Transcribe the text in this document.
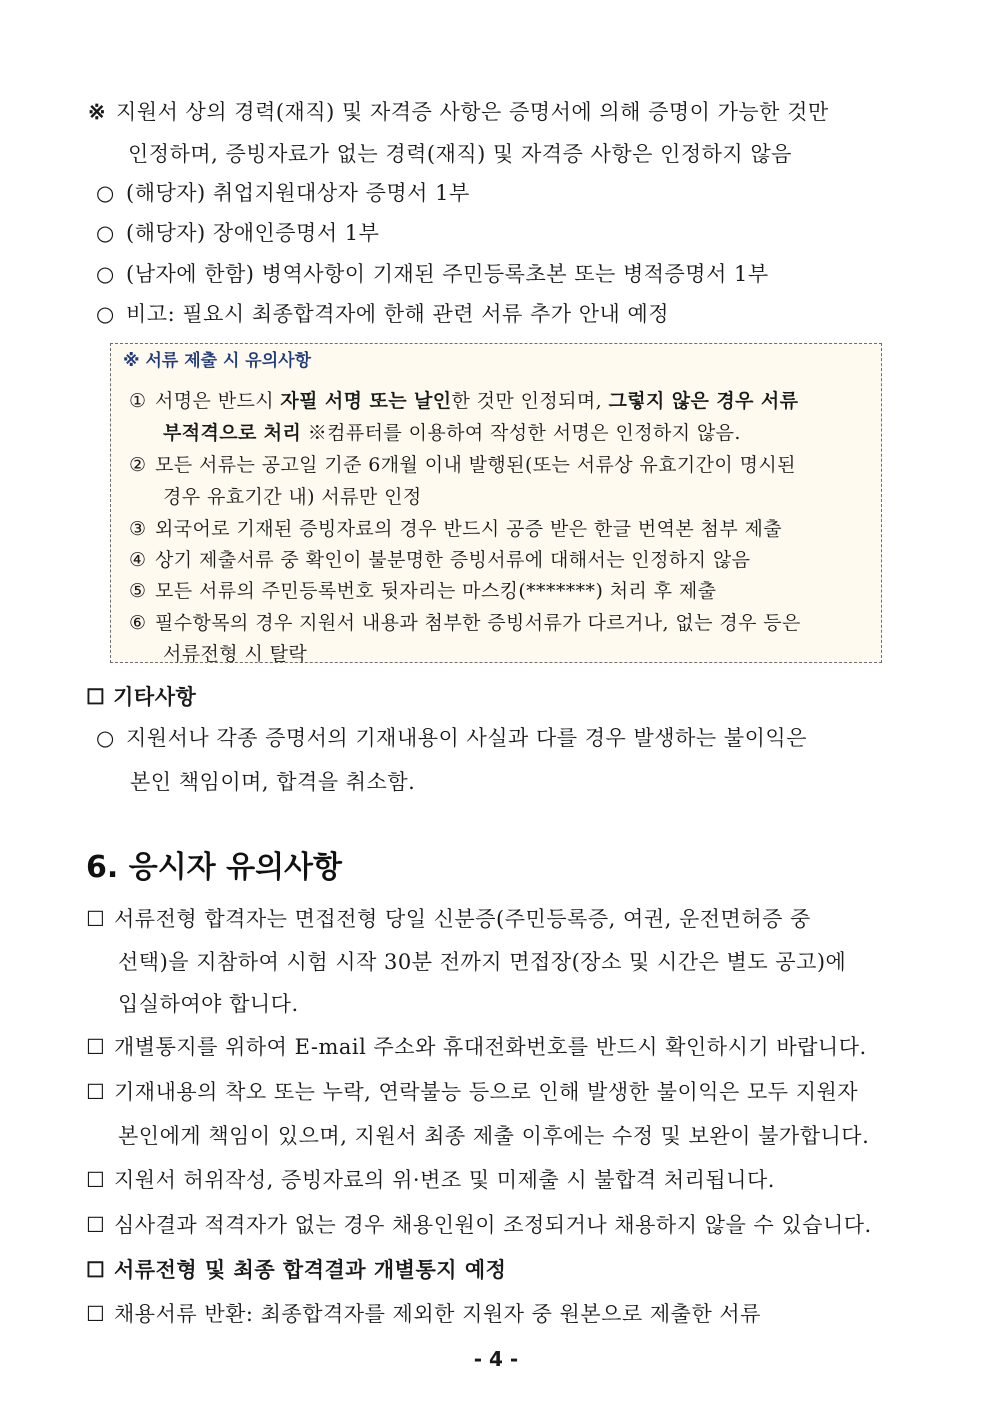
※ 지원서 상의 경력(재직) 및 자격증 사항은 증명서에 의해 증명이 가능한 것만
인정하며, 증빙자료가 없는 경력(재직) 및 자격증 사항은 인정하지 않음
○ (해당자) 취업지원대상자 증명서 1부
○ (해당자) 장애인증명서 1부
○ (남자에 한함) 병역사항이 기재된 주민등록초본 또는 병적증명서 1부
○ 비고: 필요시 최종합격자에 한해 관련 서류 추가 안내 예정
※ 서류 제출 시 유의사항
① 서명은 반드시 자필 서명 또는 날인한 것만 인정되며, 그렇지 않은 경우 서류
부적격으로 처리 ※컴퓨터를 이용하여 작성한 서명은 인정하지 않음.
② 모든 서류는 공고일 기준 6개월 이내 발행된(또는 서류상 유효기간이 명시된
경우 유효기간 내) 서류만 인정
③ 외국어로 기재된 증빙자료의 경우 반드시 공증 받은 한글 번역본 첨부 제출
④ 상기 제출서류 중 확인이 불분명한 증빙서류에 대해서는 인정하지 않음
⑤ 모든 서류의 주민등록번호 뒷자리는 마스킹(*******) 처리 후 제출
⑥ 필수항목의 경우 지원서 내용과 첨부한 증빙서류가 다르거나, 없는 경우 등은
서류전형 시 탈락
☐ 기타사항
○ 지원서나 각종 증명서의 기재내용이 사실과 다를 경우 발생하는 불이익은
본인 책임이며, 합격을 취소함.
6. 응시자 유의사항
☐ 서류전형 합격자는 면접전형 당일 신분증(주민등록증, 여권, 운전면허증 중
선택)을 지참하여 시험 시작 30분 전까지 면접장(장소 및 시간은 별도 공고)에
입실하여야 합니다.
☐ 개별통지를 위하여 E-mail 주소와 휴대전화번호를 반드시 확인하시기 바랍니다.
☐ 기재내용의 착오 또는 누락, 연락불능 등으로 인해 발생한 불이익은 모두 지원자
본인에게 책임이 있으며, 지원서 최종 제출 이후에는 수정 및 보완이 불가합니다.
☐ 지원서 허위작성, 증빙자료의 위·변조 및 미제출 시 불합격 처리됩니다.
☐ 심사결과 적격자가 없는 경우 채용인원이 조정되거나 채용하지 않을 수 있습니다.
☐ 서류전형 및 최종 합격결과 개별통지 예정
☐ 채용서류 반환: 최종합격자를 제외한 지원자 중 원본으로 제출한 서류
- 4 -
